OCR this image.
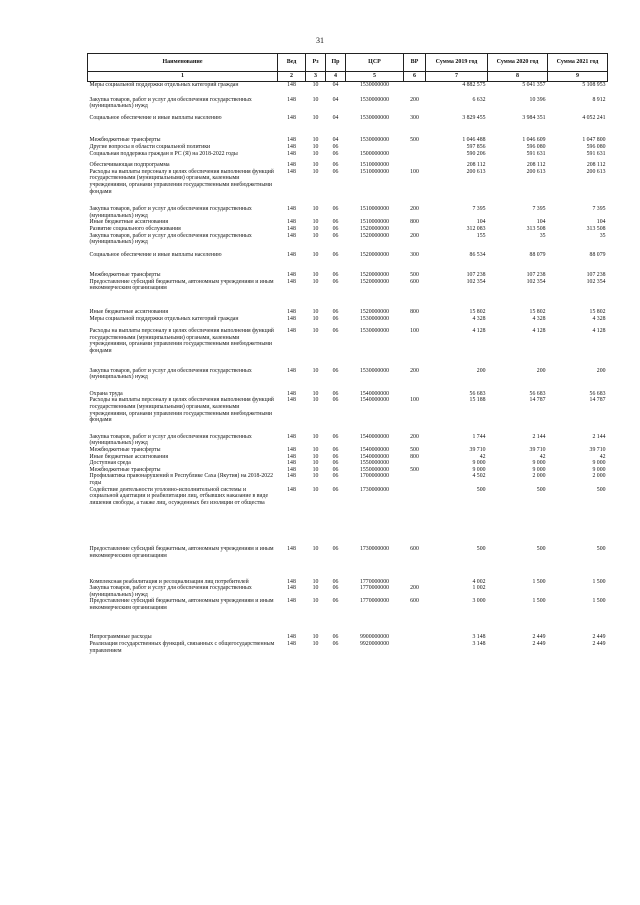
31
Наименование	Вед	Рз	Пр	ЦСР	ВР	Сумма 2019 год	Сумма 2020 год	Сумма 2021 год
1	2	3	4	5	6	7	8	9
Меры социальной поддержки отдельных категорий граждан	148	10	04	1530000000		4 882 575	5 041 357	5 108 953
Закупка товаров, работ и услуг для обеспечения государственных (муниципальных) нужд	148	10	04	1530000000	200	6 632	10 396	8 912
Социальное обеспечение и иные выплаты населению	148	10	04	1530000000	300	3 829 455	3 984 351	4 052 241
Межбюджетные трансферты	148	10	04	1530000000	500	1 046 488	1 046 609	1 047 800
Другие вопросы в области социальной политики	148	10	06			597 856	596 080	596 080
Социальная поддержка граждан в РС (Я) на 2018-2022 годы	148	10	06	1500000000		590 206	591 631	591 631
Обеспечивающая подпрограмма	148	10	06	1510000000		208 112	208 112	208 112
Расходы на выплаты персоналу в целях обеспечения выполнения функций государственными (муниципальными) органами, казенными учреждениями, органами управления государственными внебюджетными фондами	148	10	06	1510000000	100	200 613	200 613	200 613
Закупка товаров, работ и услуг для обеспечения государственных (муниципальных) нужд	148	10	06	1510000000	200	7 395	7 395	7 395
Иные бюджетные ассигнования	148	10	06	1510000000	800	104	104	104
Развитие социального обслуживания	148	10	06	1520000000		312 083	313 508	313 508
Закупка товаров, работ и услуг для обеспечения государственных (муниципальных) нужд	148	10	06	1520000000	200	155	35	35
Социальное обеспечение и иные выплаты населению	148	10	06	1520000000	300	86 534	88 079	88 079
Межбюджетные трансферты	148	10	06	1520000000	500	107 238	107 238	107 238
Предоставление субсидий бюджетным, автономным учреждениям и иным некоммерческим организациям	148	10	06	1520000000	600	102 354	102 354	102 354
Иные бюджетные ассигнования	148	10	06	1520000000	800	15 802	15 802	15 802
Меры социальной поддержки отдельных категорий граждан	148	10	06	1530000000		4 328	4 328	4 328
Расходы на выплаты персоналу в целях обеспечения выполнения функций государственными (муниципальными) органами, казенными учреждениями, органами управления государственными внебюджетными фондами	148	10	06	1530000000	100	4 128	4 128	4 128
Закупка товаров, работ и услуг для обеспечения государственных (муниципальных) нужд	148	10	06	1530000000	200	200	200	200
Охрана труда	148	10	06	1540000000		56 683	56 683	56 683
Расходы на выплаты персоналу в целях обеспечения выполнения функций государственными (муниципальными) органами, казенными учреждениями, органами управления государственными внебюджетными фондами	148	10	06	1540000000	100	15 188	14 787	14 787
Закупка товаров, работ и услуг для обеспечения государственных (муниципальных) нужд	148	10	06	1540000000	200	1 744	2 144	2 144
Межбюджетные трансферты	148	10	06	1540000000	500	39 710	39 710	39 710
Иные бюджетные ассигнования	148	10	06	1540000000	800	42	42	42
Доступная среда	148	10	06	1550000000		9 000	9 000	9 000
Межбюджетные трансферты	148	10	06	1550000000	500	9 000	9 000	9 000
Профилактика правонарушений в Республике Саха (Якутия) на 2018-2022 годы	148	10	06	1700000000		4 502	2 000	2 000
Содействие деятельности уголовно-исполнительной системы и социальной адаптации и реабилитации лиц, отбывших наказание в виде лишения свободы, а также лиц, осужденных без изоляции от общества	148	10	06	1730000000		500	500	500
Предоставление субсидий бюджетным, автономным учреждениям и иным некоммерческим организациям	148	10	06	1730000000	600	500	500	500
Комплексная реабилитация и ресоциализация лиц потребителей	148	10	06	1770000000		4 002	1 500	1 500
Закупка товаров, работ и услуг для обеспечения государственных (муниципальных) нужд	148	10	06	1770000000	200	1 002		
Предоставление субсидий бюджетным, автономным учреждениям и иным некоммерческим организациям	148	10	06	1770000000	600	3 000	1 500	1 500
Непрограммные расходы	148	10	06	9900000000		3 148	2 449	2 449
Реализация государственных функций, связанных с общегосударственным управлением	148	10	06	9920000000		3 148	2 449	2 449
